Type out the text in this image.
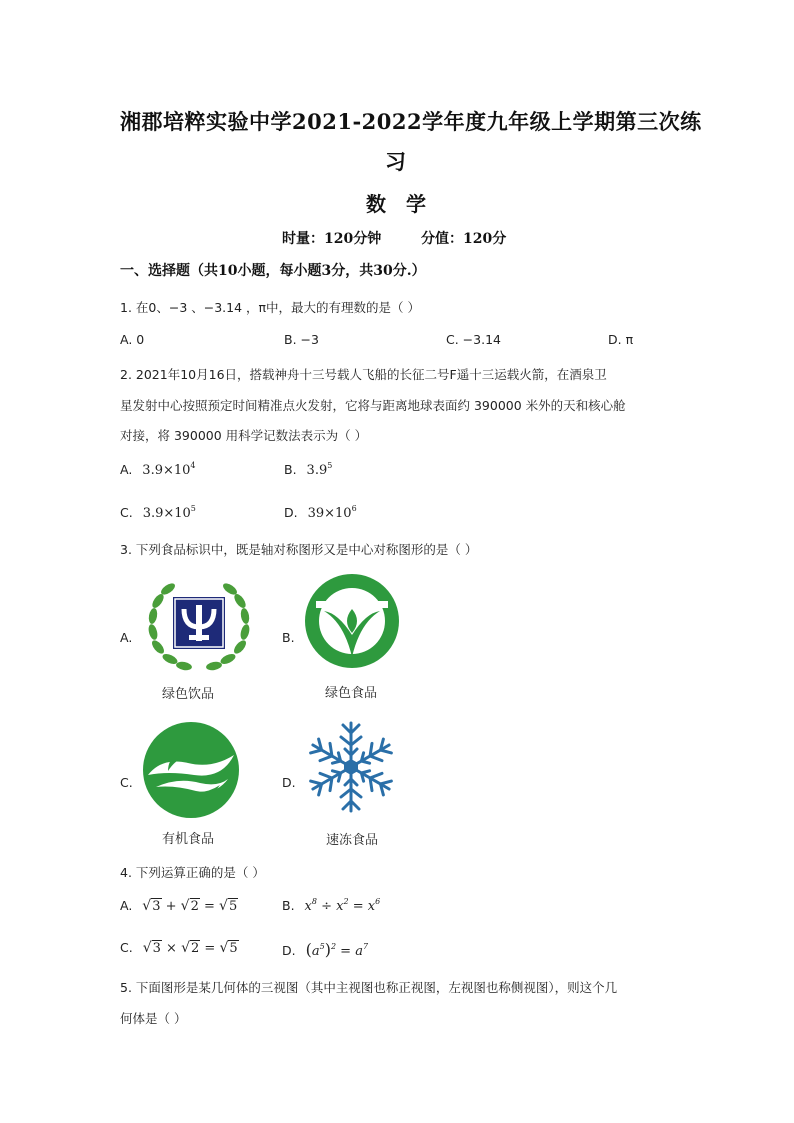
湘郡培粹实验中学2021-2022学年度九年级上学期第三次练
习
数学
时量：120分钟	分值：120分
一、选择题（共10小题，每小题3分，共30分.）
1. 在0、−3 、−3.14 ，π中，最大的有理数的是（ ）
A. 0	B. −3	C. −3.14	D. π
2. 2021年10月16日，搭载神舟十三号载人飞船的长征二号F遥十三运载火箭，在酒泉卫
星发射中心按照预定时间精准点火发射，它将与距离地球表面约 390000 米外的天和核心舱
对接，将 390000 用科学记数法表示为（ ）
A. $3.9\times 10^4$	B. $3.9^5$
C. $3.9\times 10^5$	D. $39\times 10^6$
3. 下列食品标识中，既是轴对称图形又是中心对称图形的是（ ）
A.	B.
C.	D.
绿色饮品	绿色食品
有机食品	速冻食品
4. 下列运算正确的是（ ）
A. √3 + √2 = √5	B. $x^8 \div x^2 = x^6$
C. √3 × √2 = √5	D. $(a^5)^2 = a^7$
5. 下面图形是某几何体的三视图（其中主视图也称正视图，左视图也称侧视图），则这个几
何体是（ ）
